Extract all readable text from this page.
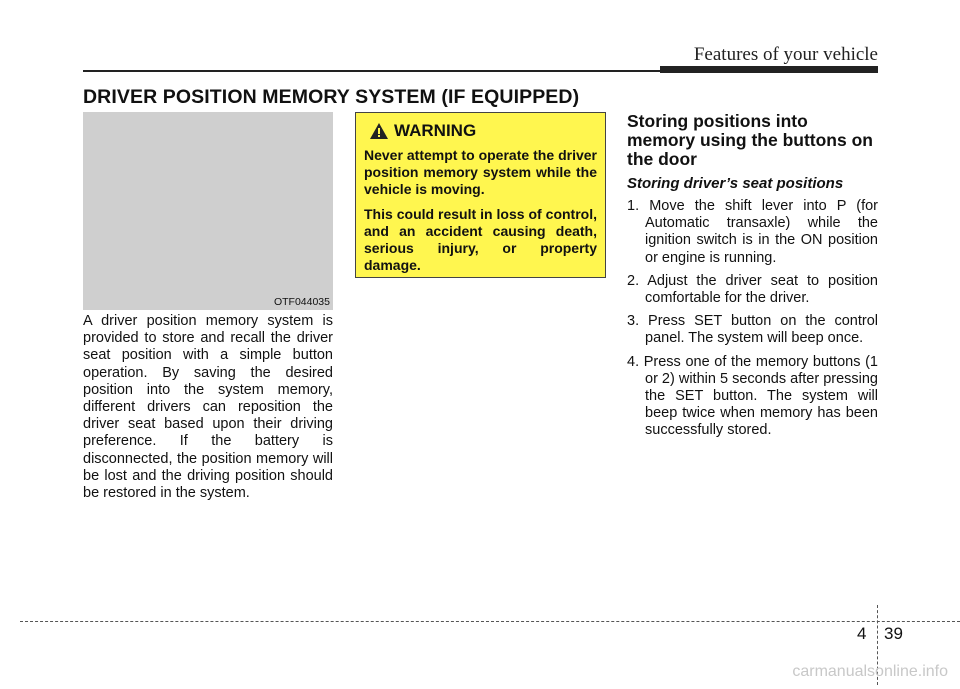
Features of your vehicle
DRIVER POSITION MEMORY SYSTEM (IF EQUIPPED)
OTF044035

A driver position memory system is provided to store and recall the driver seat position with a simple button operation. By saving the desired position into the system memory, different drivers can reposition the driver seat based upon their driving preference. If the battery is disconnected, the position memory will be lost and the driving position should be restored in the system.

WARNING

Never attempt to operate the driver position memory system while the vehicle is moving.

This could result in loss of control, and an accident causing death, serious injury, or property damage.

Storing positions into memory using the buttons on the door
Storing driver’s seat positions
1. Move the shift lever into P (for Automatic transaxle) while the ignition switch is in the ON position or engine is running.
2. Adjust the driver seat to position comfortable for the driver.
3. Press SET button on the control panel. The system will beep once.
4. Press one of the memory buttons (1 or 2) within 5 seconds after pressing the SET button. The system will beep twice when memory has been successfully stored.
4 39
carmanualsonline.info
